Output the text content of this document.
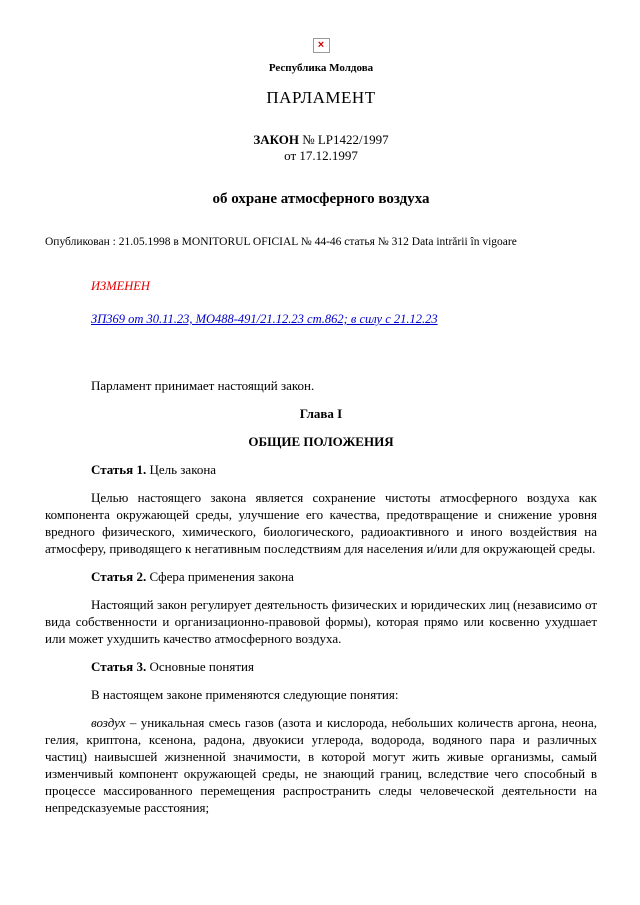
×

Республика Молдова

ПАРЛАМЕНТ

ЗАКОН № LP1422/1997

от 17.12.1997

об охране атмосферного воздуха

Опубликован : 21.05.1998 в MONITORUL OFICIAL № 44-46 статья № 312 Data intrării în vigoare

ИЗМЕНЕН

ЗП369 от 30.11.23, МО488-491/21.12.23 ст.862; в силу с 21.12.23

Парламент принимает настоящий закон.

Глава I

ОБЩИЕ ПОЛОЖЕНИЯ

Статья 1. Цель закона

Целью настоящего закона является сохранение чистоты атмосферного воздуха как компонента окружающей среды, улучшение его качества, предотвращение и снижение уровня вредного физического, химического, биологического, радиоактивного и иного воздействия на атмосферу, приводящего к негативным последствиям для населения и/или для окружающей среды.

Статья 2. Сфера применения закона

Настоящий закон регулирует деятельность физических и юридических лиц (независимо от вида собственности и организационно-правовой формы), которая прямо или косвенно ухудшает или может ухудшить качество атмосферного воздуха.

Статья 3. Основные понятия

В настоящем законе применяются следующие понятия:

воздух – уникальная смесь газов (азота и кислорода, небольших количеств аргона, неона, гелия, криптона, ксенона, радона, двуокиси углерода, водорода, водяного пара и различных частиц) наивысшей жизненной значимости, в которой могут жить живые организмы, самый изменчивый компонент окружающей среды, не знающий границ, вследствие чего способный в процессе массированного перемещения распространить следы человеческой деятельности на непредсказуемые расстояния;
